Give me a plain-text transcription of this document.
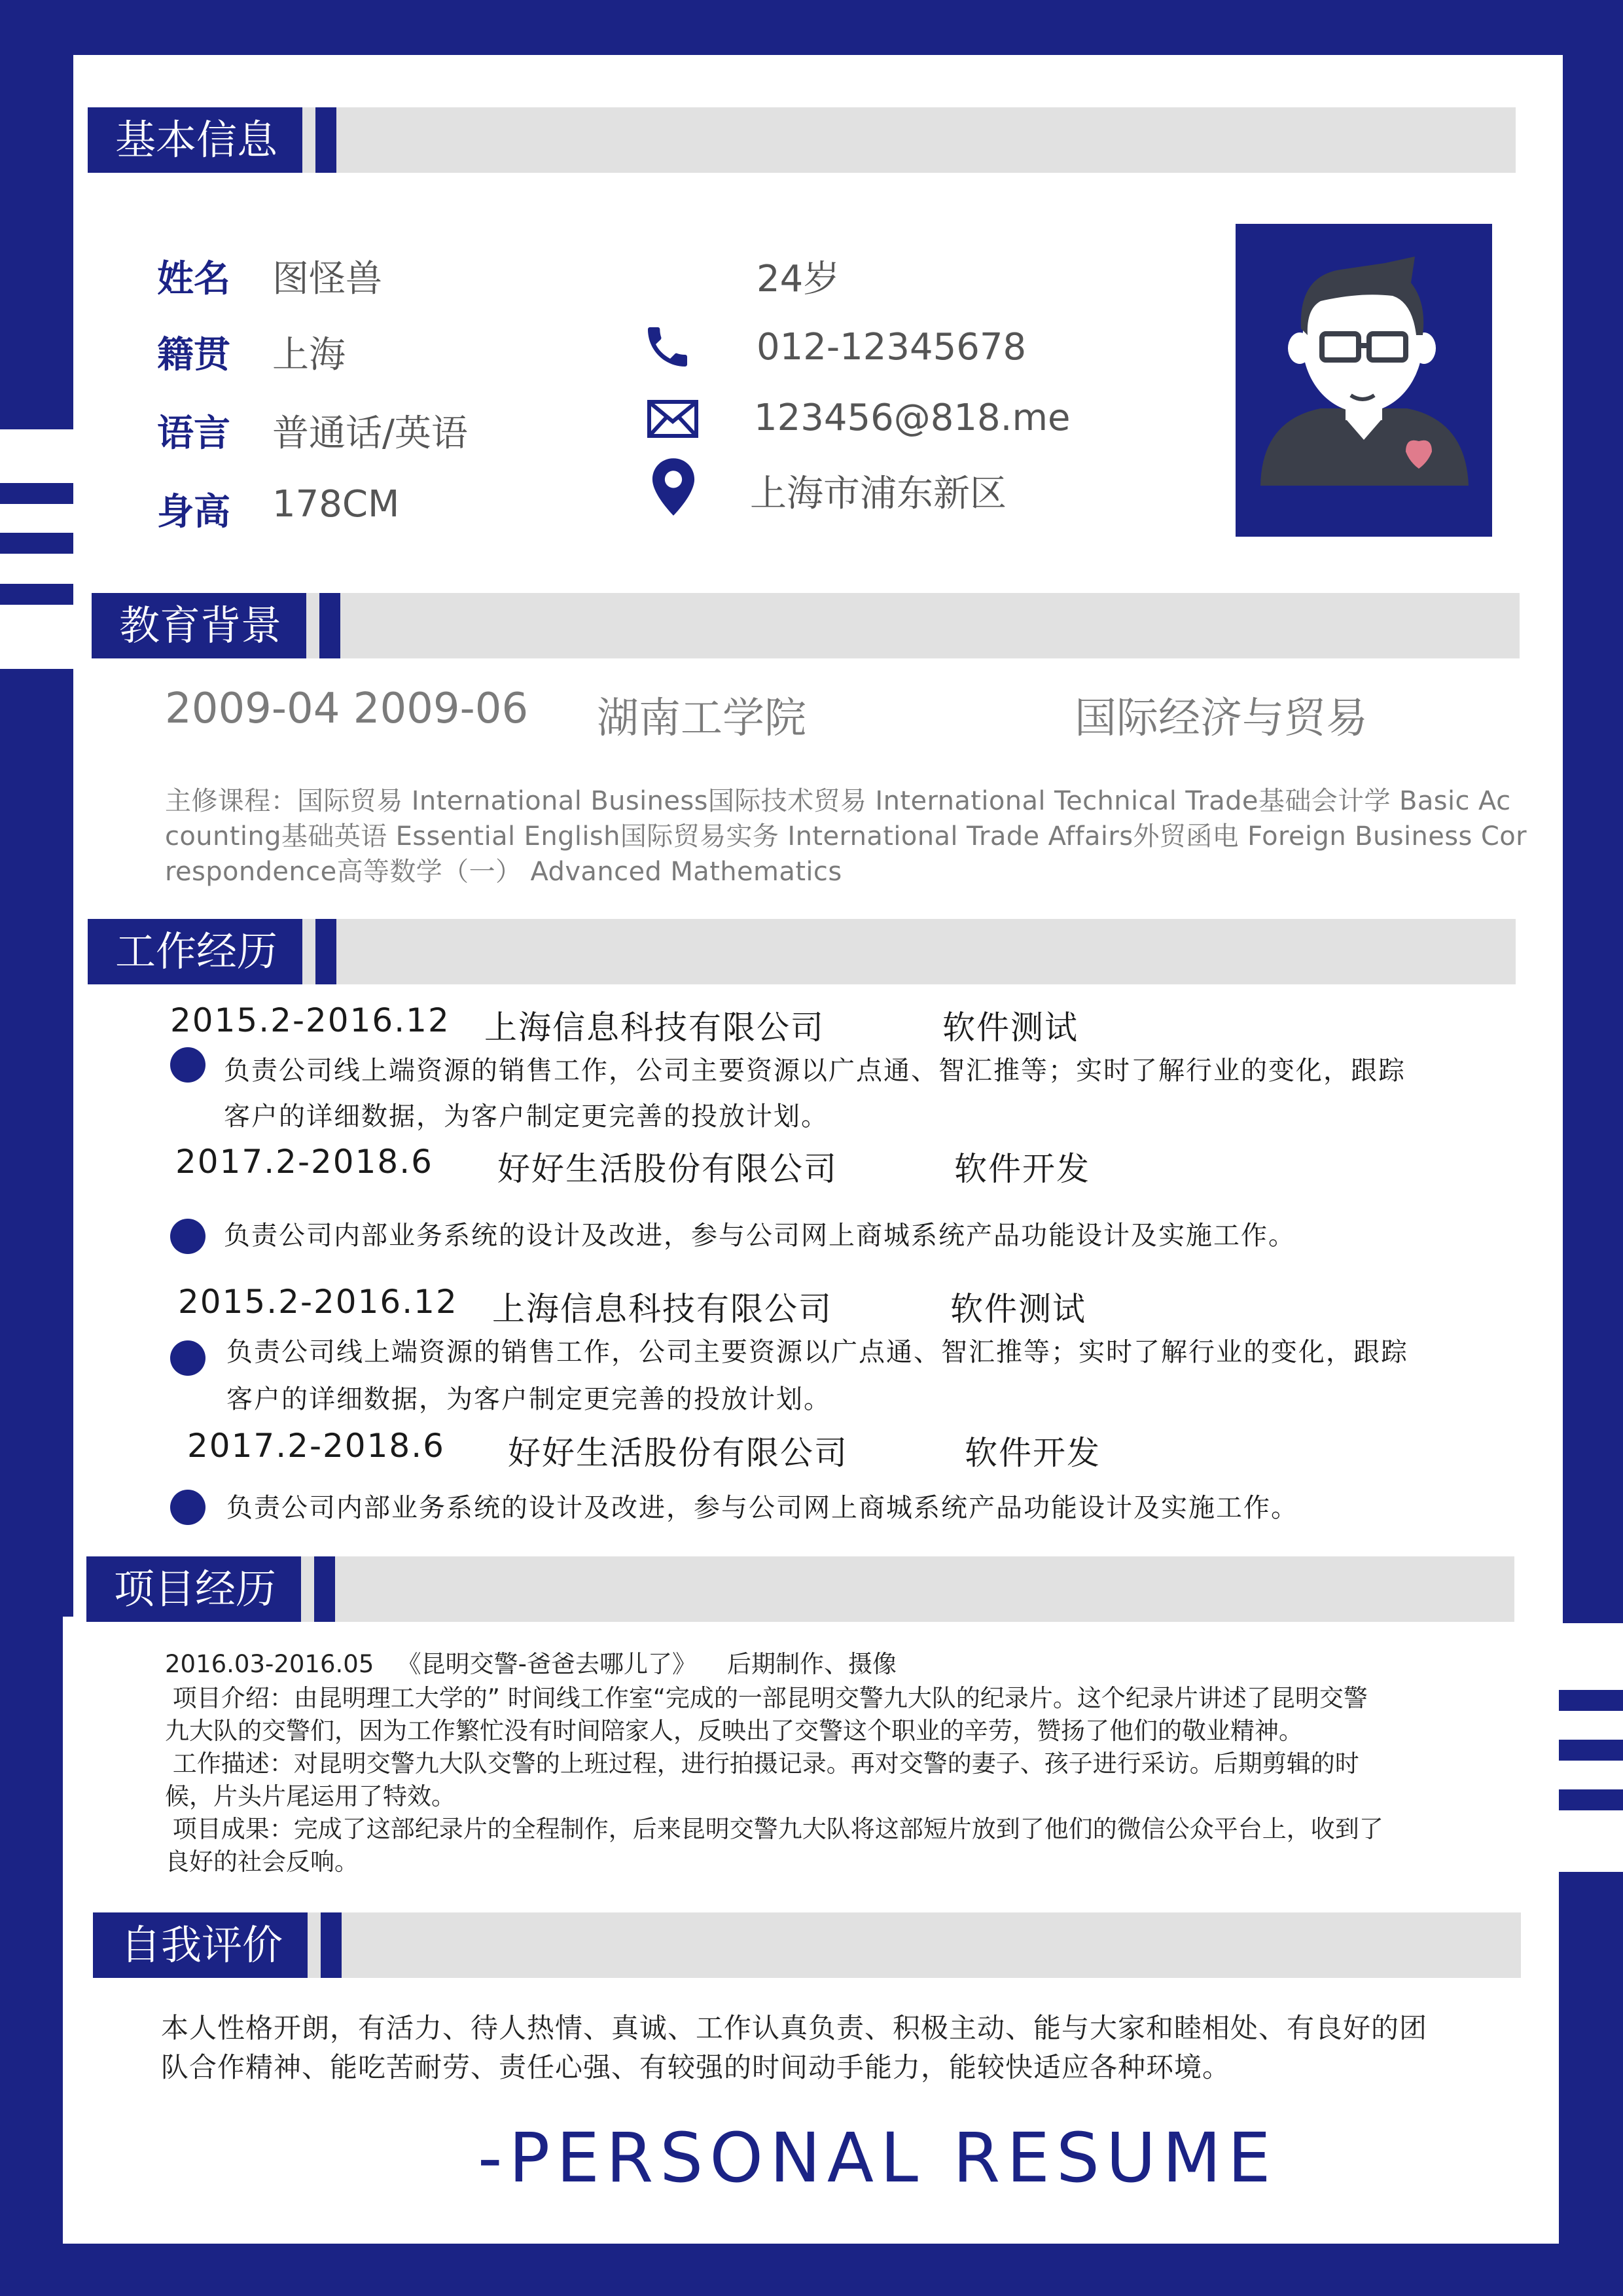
基本信息
姓名 图怪兽
籍贯 上海
语言 普通话/英语
身高 178CM
24岁
012-12345678
123456@818.me
上海市浦东新区
教育背景
2009-04 2009-06 湖南工学院	国际经济与贸易
主修课程：国际贸易 International Business国际技术贸易 International Technical Trade基础会计学 Basic Ac
counting基础英语 Essential English国际贸易实务 International Trade Affairs外贸函电 Foreign Business Cor
respondence高等数学（一） Advanced Mathematics
工作经历
2015.2-2016.12 上海信息科技有限公司	软件测试
负责公司线上端资源的销售工作，公司主要资源以广点通、智汇推等；实时了解行业的变化，跟踪
客户的详细数据，为客户制定更完善的投放计划。
2017.2-2018.6 好好生活股份有限公司	软件开发
负责公司内部业务系统的设计及改进，参与公司网上商城系统产品功能设计及实施工作。
2015.2-2016.12 上海信息科技有限公司	软件测试
负责公司线上端资源的销售工作，公司主要资源以广点通、智汇推等；实时了解行业的变化，跟踪
客户的详细数据，为客户制定更完善的投放计划。
2017.2-2018.6 好好生活股份有限公司	软件开发
负责公司内部业务系统的设计及改进，参与公司网上商城系统产品功能设计及实施工作。
项目经历
2016.03-2016.05   《昆明交警-爸爸去哪儿了》    后期制作、摄像
项目介绍：由昆明理工大学的” 时间线工作室“完成的一部昆明交警九大队的纪录片。这个纪录片讲述了昆明交警
九大队的交警们，因为工作繁忙没有时间陪家人，反映出了交警这个职业的辛劳，赞扬了他们的敬业精神。
工作描述：对昆明交警九大队交警的上班过程，进行拍摄记录。再对交警的妻子、孩子进行采访。后期剪辑的时
候，片头片尾运用了特效。
项目成果：完成了这部纪录片的全程制作，后来昆明交警九大队将这部短片放到了他们的微信公众平台上，收到了
良好的社会反响。
自我评价
本人性格开朗，有活力、待人热情、真诚、工作认真负责、积极主动、能与大家和睦相处、有良好的团
队合作精神、能吃苦耐劳、责任心强、有较强的时间动手能力，能较快适应各种环境。
-PERSONAL RESUME
